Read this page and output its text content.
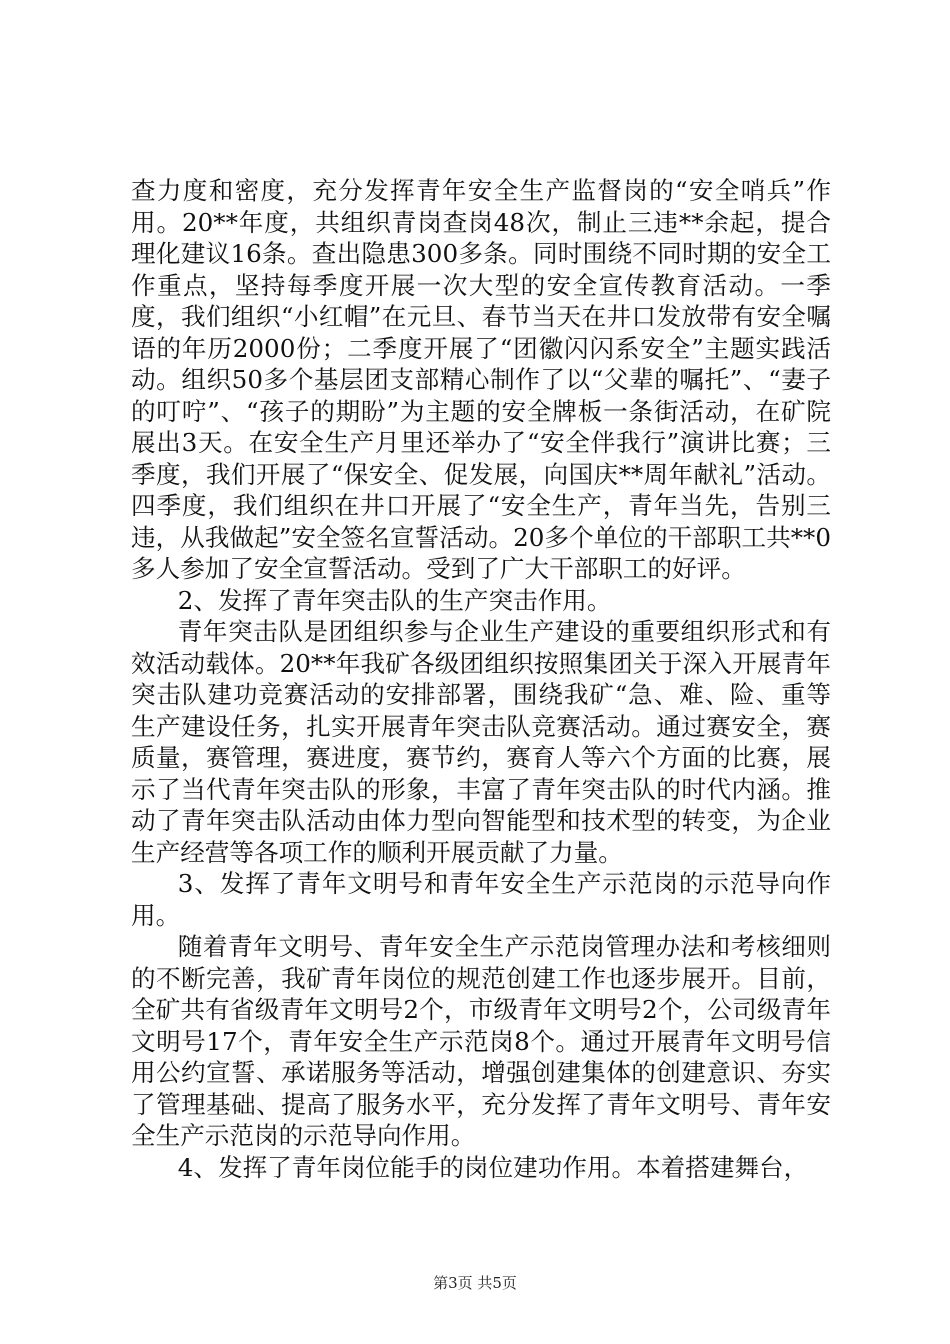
查力度和密度，充分发挥青年安全生产监督岗的“安全哨兵”作用。20**年度，共组织青岗查岗48次，制止三违**余起，提合理化建议16条。查出隐患300多条。同时围绕不同时期的安全工作重点，坚持每季度开展一次大型的安全宣传教育活动。一季度，我们组织“小红帽”在元旦、春节当天在井口发放带有安全嘱语的年历2000份；二季度开展了“团徽闪闪系安全”主题实践活动。组织50多个基层团支部精心制作了以“父辈的嘱托”、“妻子的叮咛”、“孩子的期盼”为主题的安全牌板一条街活动，在矿院展出3天。在安全生产月里还举办了“安全伴我行”演讲比赛；三季度，我们开展了“保安全、促发展，向国庆**周年献礼”活动。四季度，我们组织在井口开展了“安全生产，青年当先，告别三违，从我做起”安全签名宣誓活动。20多个单位的干部职工共**0多人参加了安全宣誓活动。受到了广大干部职工的好评。

2、发挥了青年突击队的生产突击作用。

青年突击队是团组织参与企业生产建设的重要组织形式和有效活动载体。20**年我矿各级团组织按照集团关于深入开展青年突击队建功竞赛活动的安排部署，围绕我矿“急、难、险、重等生产建设任务，扎实开展青年突击队竞赛活动。通过赛安全，赛质量，赛管理，赛进度，赛节约，赛育人等六个方面的比赛，展示了当代青年突击队的形象，丰富了青年突击队的时代内涵。推动了青年突击队活动由体力型向智能型和技术型的转变，为企业生产经营等各项工作的顺利开展贡献了力量。

3、发挥了青年文明号和青年安全生产示范岗的示范导向作用。

随着青年文明号、青年安全生产示范岗管理办法和考核细则的不断完善，我矿青年岗位的规范创建工作也逐步展开。目前，全矿共有省级青年文明号2个，市级青年文明号2个，公司级青年文明号17个，青年安全生产示范岗8个。通过开展青年文明号信用公约宣誓、承诺服务等活动，增强创建集体的创建意识、夯实了管理基础、提高了服务水平，充分发挥了青年文明号、青年安全生产示范岗的示范导向作用。

4、发挥了青年岗位能手的岗位建功作用。本着搭建舞台，

第3页 共5页
